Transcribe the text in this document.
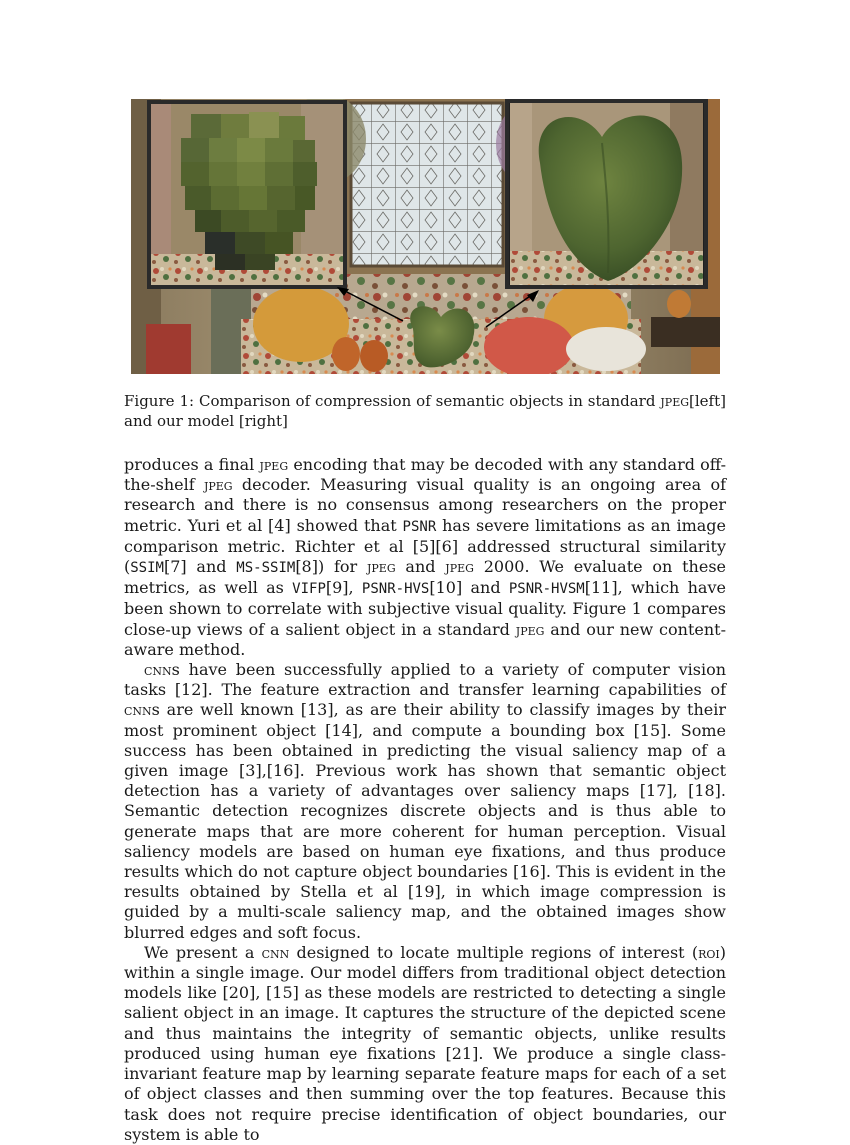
Figure 1: Comparison of compression of semantic objects in standard jpeg[left] and our model [right]

produces a final jpeg encoding that may be decoded with any standard off-the-shelf jpeg decoder. Measuring visual quality is an ongoing area of research and there is no consensus among researchers on the proper metric. Yuri et al [4] showed that PSNR has severe limitations as an image comparison metric. Richter et al [5][6] addressed structural similarity (SSIM[7] and MS-SSIM[8]) for jpeg and jpeg 2000. We evaluate on these metrics, as well as VIFP[9], PSNR-HVS[10] and PSNR-HVSM[11], which have been shown to correlate with subjective visual quality. Figure 1 compares close-up views of a salient object in a standard jpeg and our new content-aware method.

cnns have been successfully applied to a variety of computer vision tasks [12]. The feature extraction and transfer learning capabilities of cnns are well known [13], as are their ability to classify images by their most prominent object [14], and compute a bounding box [15]. Some success has been obtained in predicting the visual saliency map of a given image [3],[16]. Previous work has shown that semantic object detection has a variety of advantages over saliency maps [17], [18]. Semantic detection recognizes discrete objects and is thus able to generate maps that are more coherent for human perception. Visual saliency models are based on human eye fixations, and thus produce results which do not capture object boundaries [16]. This is evident in the results obtained by Stella et al [19], in which image compression is guided by a multi-scale saliency map, and the obtained images show blurred edges and soft focus.

We present a cnn designed to locate multiple regions of interest (roi) within a single image. Our model differs from traditional object detection models like [20], [15] as these models are restricted to detecting a single salient object in an image. It captures the structure of the depicted scene and thus maintains the integrity of semantic objects, unlike results produced using human eye fixations [21]. We produce a single class-invariant feature map by learning separate feature maps for each of a set of object classes and then summing over the top features. Because this task does not require precise identification of object boundaries, our system is able to
